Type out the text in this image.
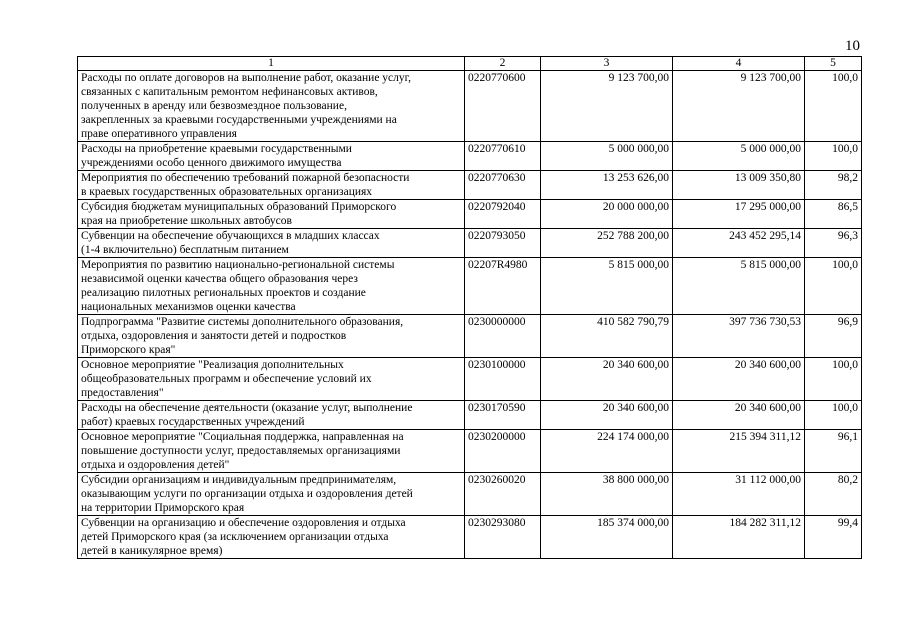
10
1	2	3	4	5

Расходы по оплате договоров на выполнение работ, оказание услуг,
связанных с капитальным ремонтом нефинансовых активов,
полученных в аренду или безвозмездное пользование,
закрепленных за краевыми государственными учреждениями на
праве оперативного управления	0220770600	9 123 700,00	9 123 700,00	100,0

Расходы на приобретение краевыми государственными
учреждениями особо ценного движимого имущества	0220770610	5 000 000,00	5 000 000,00	100,0

Мероприятия по обеспечению требований пожарной безопасности
в краевых государственных образовательных организациях	0220770630	13 253 626,00	13 009 350,80	98,2

Субсидия бюджетам муниципальных образований Приморского
края на приобретение школьных автобусов	0220792040	20 000 000,00	17 295 000,00	86,5

Субвенции на обеспечение обучающихся в младших классах
(1-4 включительно) бесплатным питанием	0220793050	252 788 200,00	243 452 295,14	96,3

Мероприятия по развитию национально-региональной системы
независимой оценки качества общего образования через
реализацию пилотных региональных проектов и создание
национальных механизмов оценки качества	02207R4980	5 815 000,00	5 815 000,00	100,0

Подпрограмма "Развитие системы дополнительного образования,
отдыха, оздоровления и занятости детей и подростков
Приморского края"	0230000000	410 582 790,79	397 736 730,53	96,9

Основное мероприятие "Реализация дополнительных
общеобразовательных программ и обеспечение условий их
предоставления"	0230100000	20 340 600,00	20 340 600,00	100,0

Расходы на обеспечение деятельности (оказание услуг, выполнение
работ) краевых государственных учреждений	0230170590	20 340 600,00	20 340 600,00	100,0

Основное мероприятие "Социальная поддержка, направленная на
повышение доступности услуг, предоставляемых организациями
отдыха и оздоровления детей"	0230200000	224 174 000,00	215 394 311,12	96,1

Субсидии организациям и индивидуальным предпринимателям,
оказывающим услуги по организации отдыха и оздоровления детей
на территории Приморского края	0230260020	38 800 000,00	31 112 000,00	80,2

Субвенции на организацию и обеспечение оздоровления и отдыха
детей Приморского края (за исключением организации отдыха
детей в каникулярное время)	0230293080	185 374 000,00	184 282 311,12	99,4
